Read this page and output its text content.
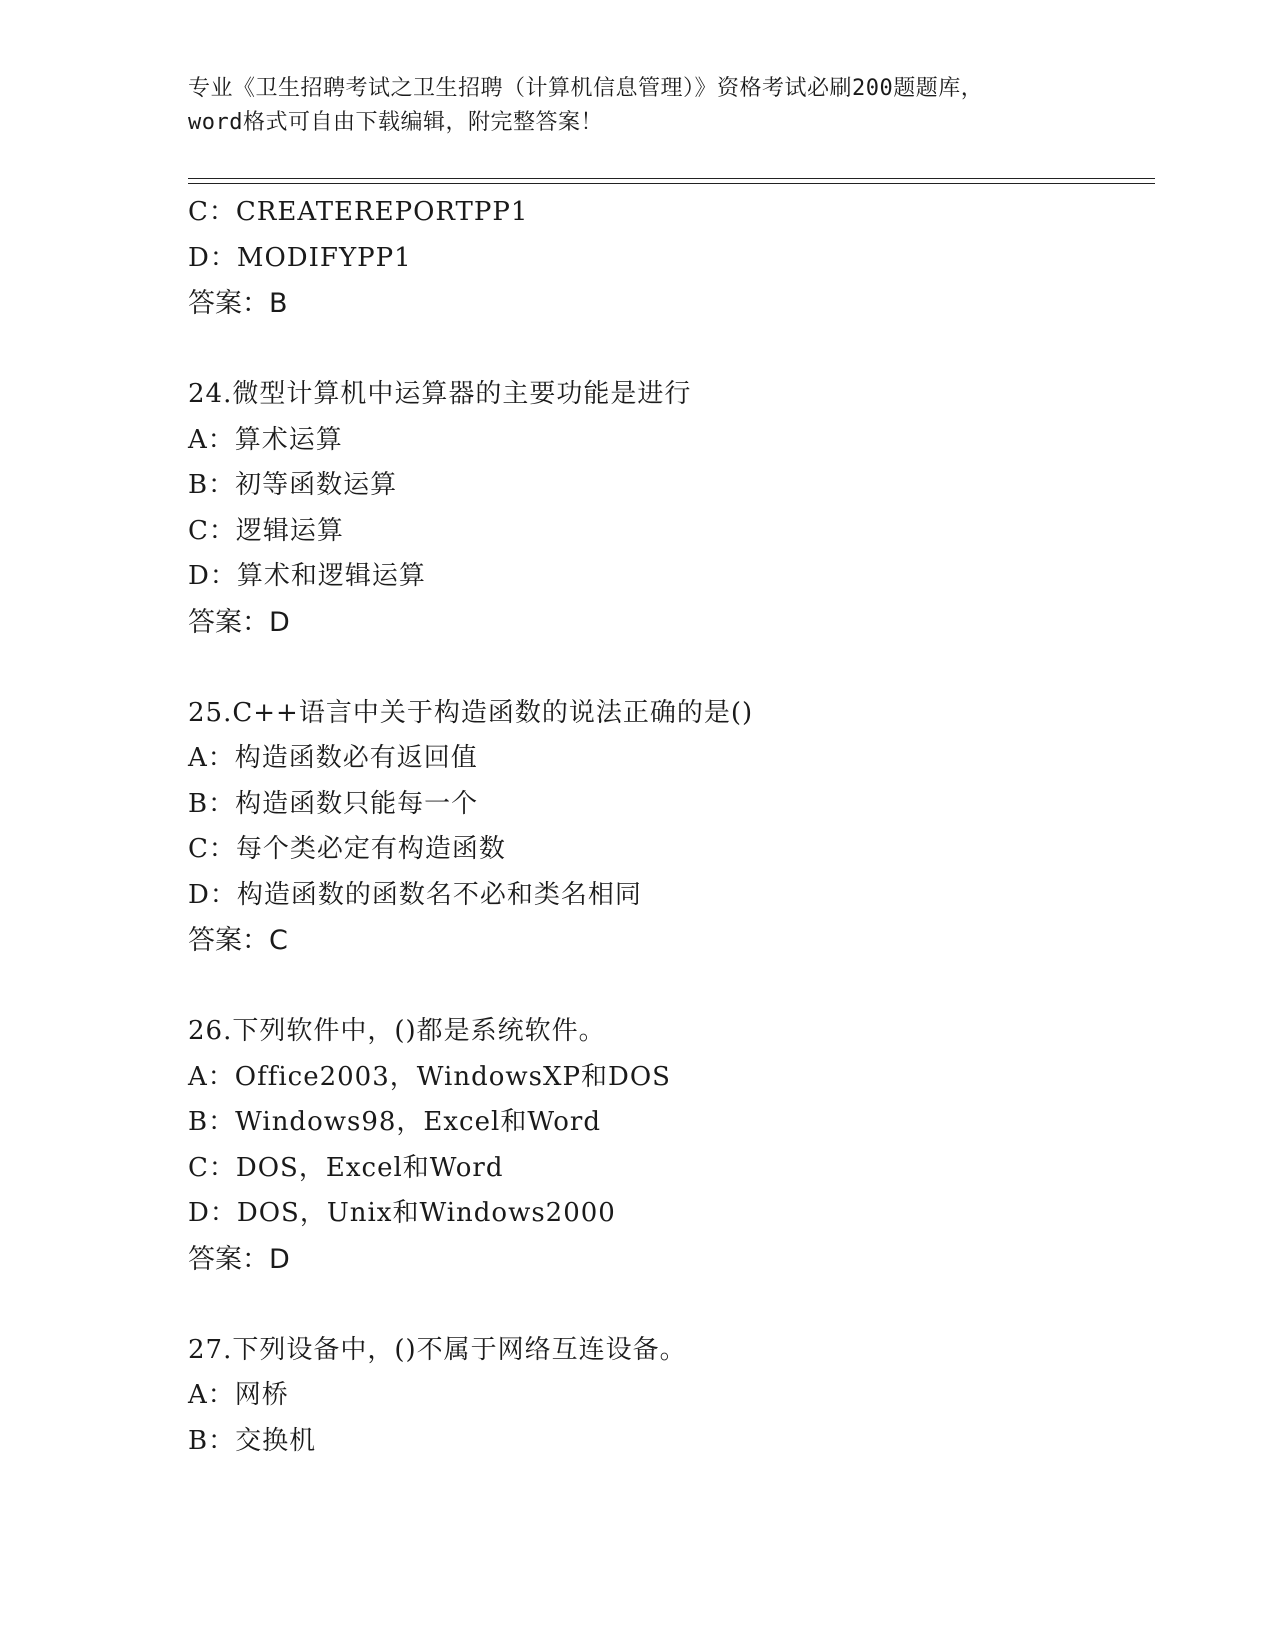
专业《卫生招聘考试之卫生招聘（计算机信息管理）》资格考试必刷200题题库，
word格式可自由下载编辑，附完整答案！
C：CREATEREPORTPP1
D：MODIFYPP1
答案：B
24.微型计算机中运算器的主要功能是进行
A：算术运算
B：初等函数运算
C：逻辑运算
D：算术和逻辑运算
答案：D
25.C++语言中关于构造函数的说法正确的是()
A：构造函数必有返回值
B：构造函数只能每一个
C：每个类必定有构造函数
D：构造函数的函数名不必和类名相同
答案：C
26.下列软件中，()都是系统软件。
A：Office2003，WindowsXP和DOS
B：Windows98，Excel和Word
C：DOS，Excel和Word
D：DOS，Unix和Windows2000
答案：D
27.下列设备中，()不属于网络互连设备。
A：网桥
B：交换机
